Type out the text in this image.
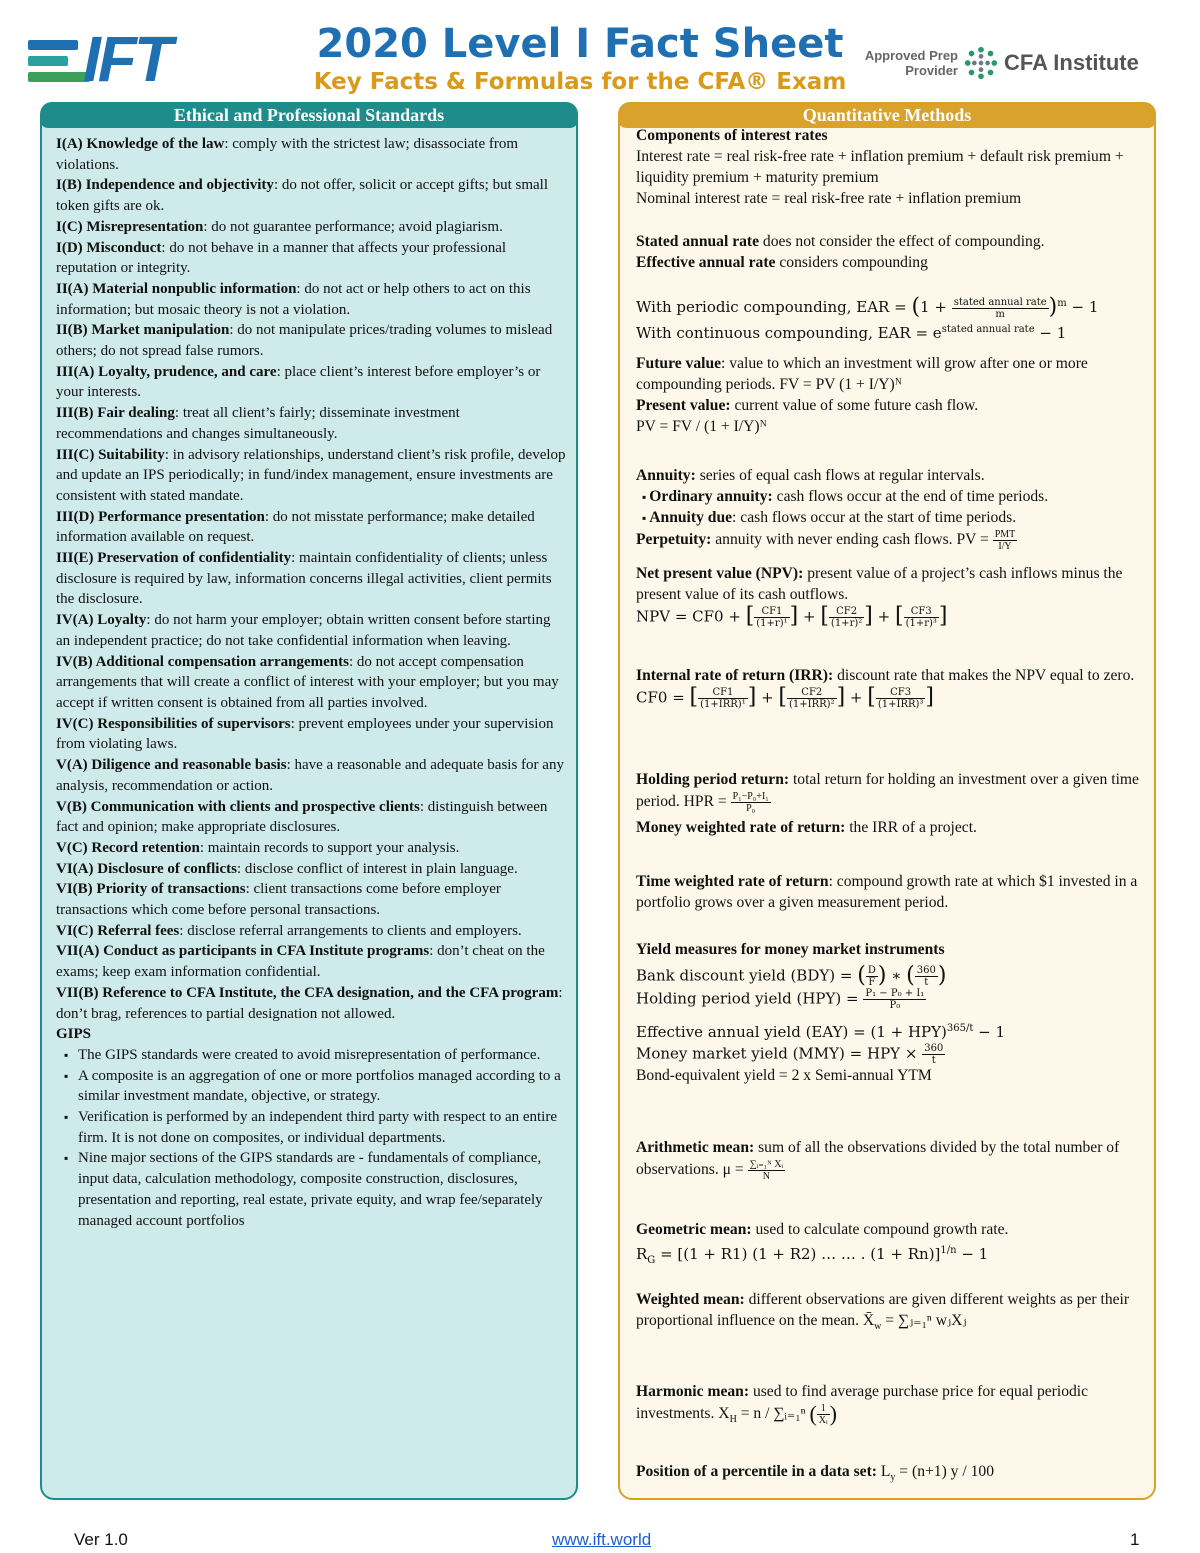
IFT	2020 Level I Fact Sheet
Key Facts & Formulas for the CFA® Exam
Approved Prep
Provider CFA Institute
Ethical and Professional Standards

I(A) Knowledge of the law: comply with the strictest law; disassociate from violations.

I(B) Independence and objectivity: do not offer, solicit or accept gifts; but small token gifts are ok.

I(C) Misrepresentation: do not guarantee performance; avoid plagiarism.

I(D) Misconduct: do not behave in a manner that affects your professional reputation or integrity.

II(A) Material nonpublic information: do not act or help others to act on this information; but mosaic theory is not a violation.

II(B) Market manipulation: do not manipulate prices/trading volumes to mislead others; do not spread false rumors.

III(A) Loyalty, prudence, and care: place client’s interest before employer’s or your interests.

III(B) Fair dealing: treat all client’s fairly; disseminate investment recommendations and changes simultaneously.

III(C) Suitability: in advisory relationships, understand client’s risk profile, develop and update an IPS periodically; in fund/index management, ensure investments are consistent with stated mandate.

III(D) Performance presentation: do not misstate performance; make detailed information available on request.

III(E) Preservation of confidentiality: maintain confidentiality of clients; unless disclosure is required by law, information concerns illegal activities, client permits the disclosure.

IV(A) Loyalty: do not harm your employer; obtain written consent before starting an independent practice; do not take confidential information when leaving.

IV(B) Additional compensation arrangements: do not accept compensation arrangements that will create a conflict of interest with your employer; but you may accept if written consent is obtained from all parties involved.

IV(C) Responsibilities of supervisors: prevent employees under your supervision from violating laws.

V(A) Diligence and reasonable basis: have a reasonable and adequate basis for any analysis, recommendation or action.

V(B) Communication with clients and prospective clients: distinguish between fact and opinion; make appropriate disclosures.

V(C) Record retention: maintain records to support your analysis.

VI(A) Disclosure of conflicts: disclose conflict of interest in plain language.

VI(B) Priority of transactions: client transactions come before employer transactions which come before personal transactions.

VI(C) Referral fees: disclose referral arrangements to clients and employers.

VII(A) Conduct as participants in CFA Institute programs: don’t cheat on the exams; keep exam information confidential.

VII(B) Reference to CFA Institute, the CFA designation, and the CFA program: don’t brag, references to partial designation not allowed.

GIPS

▪ The GIPS standards were created to avoid misrepresentation of performance.
▪ A composite is an aggregation of one or more portfolios managed according to a similar investment mandate, objective, or strategy.
▪ Verification is performed by an independent third party with respect to an entire firm. It is not done on composites, or individual departments.
▪ Nine major sections of the GIPS standards are - fundamentals of compliance, input data, calculation methodology, composite construction, disclosures, presentation and reporting, real estate, private equity, and wrap fee/separately managed account portfolios
Quantitative Methods

Components of interest rates

Interest rate = real risk-free rate + inflation premium + default risk premium + liquidity premium + maturity premium

Nominal interest rate = real risk-free rate + inflation premium

Stated annual rate does not consider the effect of compounding.

Effective annual rate considers compounding

With periodic compounding, EAR = $(1 + \frac{\text{stated annual rate}}{m} )^m - 1$

With continuous compounding, EAR = $e^{stated annual rate} - 1$

Future value: value to which an investment will grow after one or more compounding periods. FV = PV (1 + I/Y)ᴺ

Present value: current value of some future cash flow.

PV = FV / (1 + I/Y)ᴺ

Annuity: series of equal cash flows at regular intervals.

▪ Ordinary annuity: cash flows occur at the end of time periods.

▪ Annuity due: cash flows occur at the start of time periods.

Perpetuity: annuity with never ending cash flows. PV = $\frac{\text{PMT}}{I/Y}$

Net present value (NPV): present value of a project’s cash inflows minus the present value of its cash outflows.

NPV = CF0 + [ $\frac{CF1}{\text{(1+r)¹}}$ ] + [ $\frac{CF2}{\text{(1+r)²}}$ ] + [ $\frac{CF3}{\text{(1+r)³}}$ ]

Internal rate of return (IRR): discount rate that makes the NPV equal to zero.

CF0 = [ $\frac{CF1}{\text{(1+IRR)¹}}$ ] + [ $\frac{CF2}{\text{(1+IRR)²}}$ ] + [ $\frac{CF3}{\text{(1+IRR)³}}$ ]

Holding period return: total return for holding an investment over a given time period. HPR = $\frac{\text{P₁−P₀+I₁}}{\text{P₀}}$

Money weighted rate of return: the IRR of a project.

Time weighted rate of return: compound growth rate at which $1 invested in a portfolio grows over a given measurement period.

Yield measures for money market instruments

Bank discount yield (BDY) = ( $\frac{D}{F}$ ) ∗ ( $\frac{360}{t}$ )

Holding period yield $(HPY) = \frac{\text{P₁ − P₀ + I₁}}{\text{P₀}}$

Effective annual yield (EAY) = (1 + HPY)$^{365/t}$ − 1

Money market yield (MMY) = HPY × $\frac{360}{t}$

Bond-equivalent yield = 2 x Semi-annual YTM

Arithmetic mean: sum of all the observations divided by the total number of observations. $\mu = \frac{\text{∑ᵢ₌₁ᴺ Xᵢ}}{N}$

Geometric mean: used to calculate compound growth rate.

$R_G = [(1 + R1) (1 + R2)$ … … . (1 + Rn)]$^{1/n}$ − 1

Weighted mean: different observations are given different weights as per their proportional influence on the mean. $X̄_w$ = ∑ⱼ₌₁ⁿ wⱼXⱼ

Harmonic mean: used to find average purchase price for equal periodic investments. $X_H = n$ / ∑ᵢ₌₁ⁿ ( $\frac{1}{\text{Xᵢ}}$ )

Position of a percentile in a data set: $L_y = (n+1)$ y / 100

Ver 1.0	www.ift.world	1
